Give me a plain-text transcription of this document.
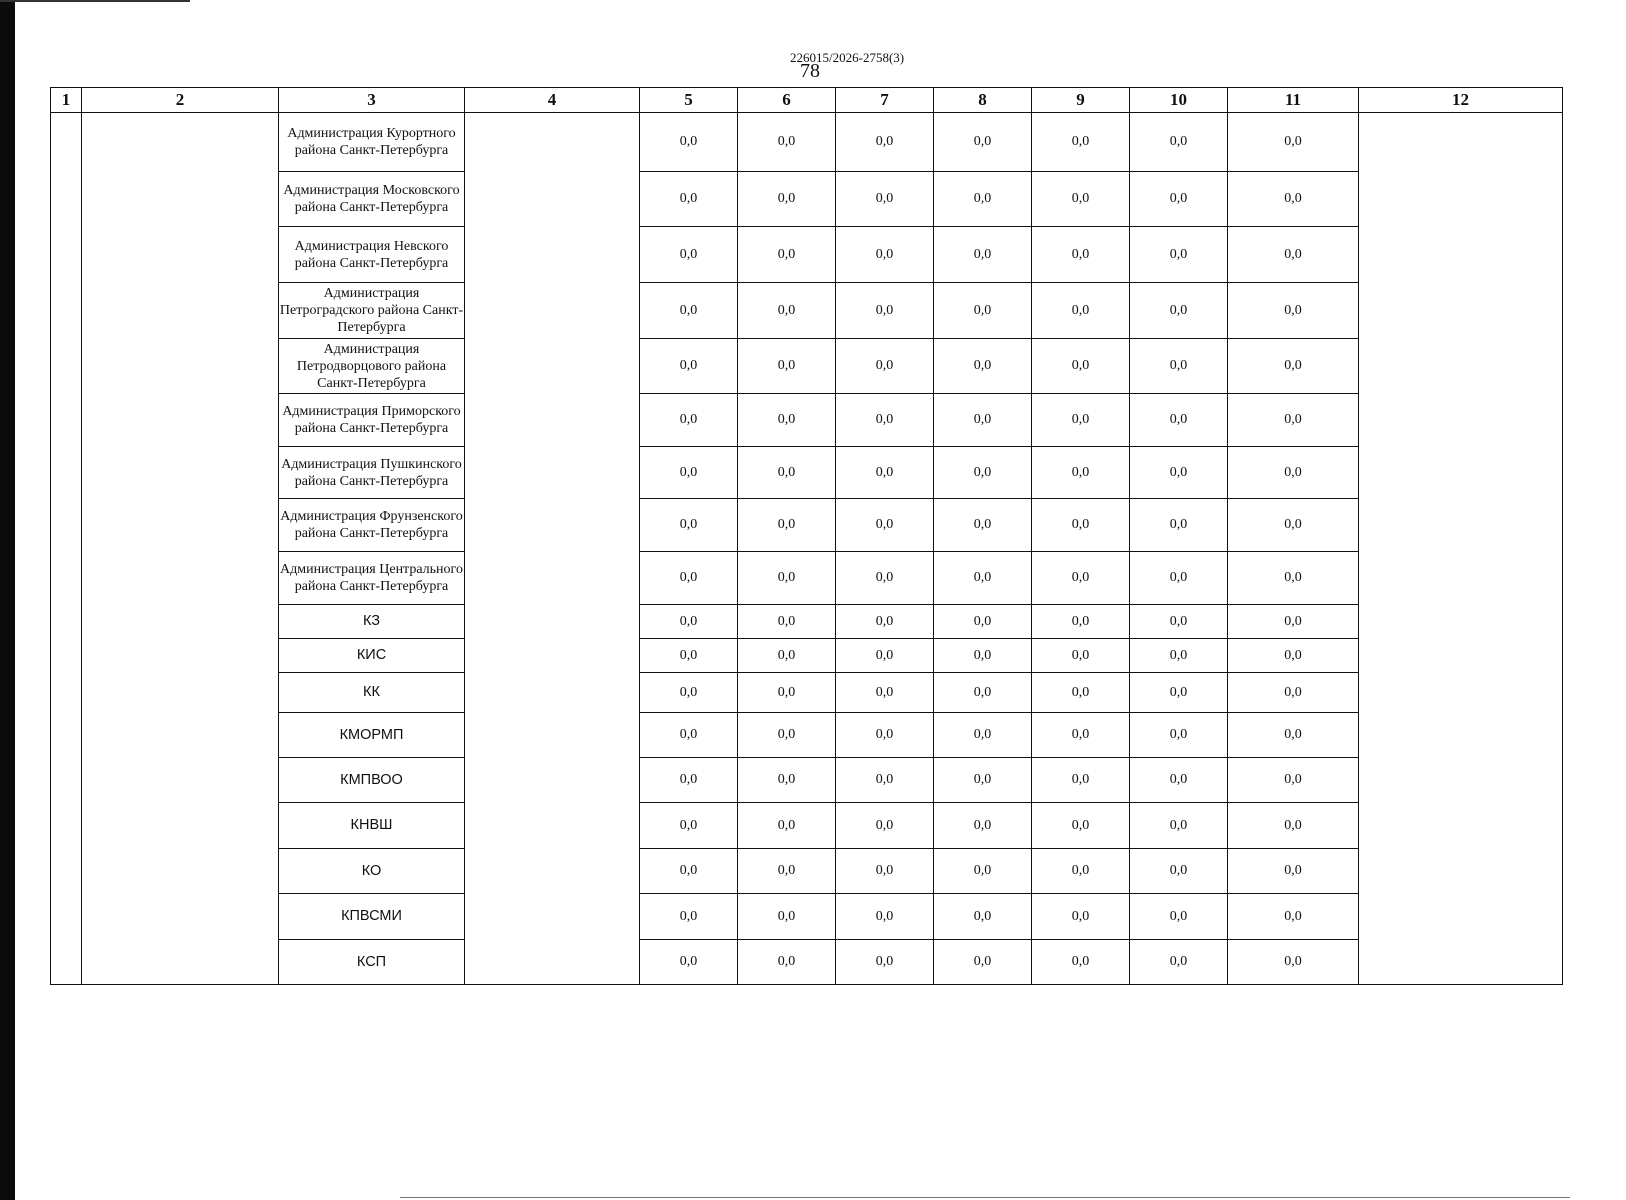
226015/2026-2758(3)
78
1	2	3	4	5	6	7	8	9	10	11	12
		Администрация Курортного района Санкт-Петербурга		0,0	0,0	0,0	0,0	0,0	0,0	0,0	
		Администрация Московского района Санкт-Петербурга		0,0	0,0	0,0	0,0	0,0	0,0	0,0	
		Администрация Невского района Санкт-Петербурга		0,0	0,0	0,0	0,0	0,0	0,0	0,0	
		Администрация Петроградского района Санкт-Петербурга		0,0	0,0	0,0	0,0	0,0	0,0	0,0	
		Администрация Петродворцового района Санкт-Петербурга		0,0	0,0	0,0	0,0	0,0	0,0	0,0	
		Администрация Приморского района Санкт-Петербурга		0,0	0,0	0,0	0,0	0,0	0,0	0,0	
		Администрация Пушкинского района Санкт-Петербурга		0,0	0,0	0,0	0,0	0,0	0,0	0,0	
		Администрация Фрунзенского района Санкт-Петербурга		0,0	0,0	0,0	0,0	0,0	0,0	0,0	
		Администрация Центрального района Санкт-Петербурга		0,0	0,0	0,0	0,0	0,0	0,0	0,0	
		КЗ		0,0	0,0	0,0	0,0	0,0	0,0	0,0	
		КИС		0,0	0,0	0,0	0,0	0,0	0,0	0,0	
		КК		0,0	0,0	0,0	0,0	0,0	0,0	0,0	
		КМОРМП		0,0	0,0	0,0	0,0	0,0	0,0	0,0	
		КМПВОО		0,0	0,0	0,0	0,0	0,0	0,0	0,0	
		КНВШ		0,0	0,0	0,0	0,0	0,0	0,0	0,0	
		КО		0,0	0,0	0,0	0,0	0,0	0,0	0,0	
		КПВСМИ		0,0	0,0	0,0	0,0	0,0	0,0	0,0	
		КСП		0,0	0,0	0,0	0,0	0,0	0,0	0,0	
